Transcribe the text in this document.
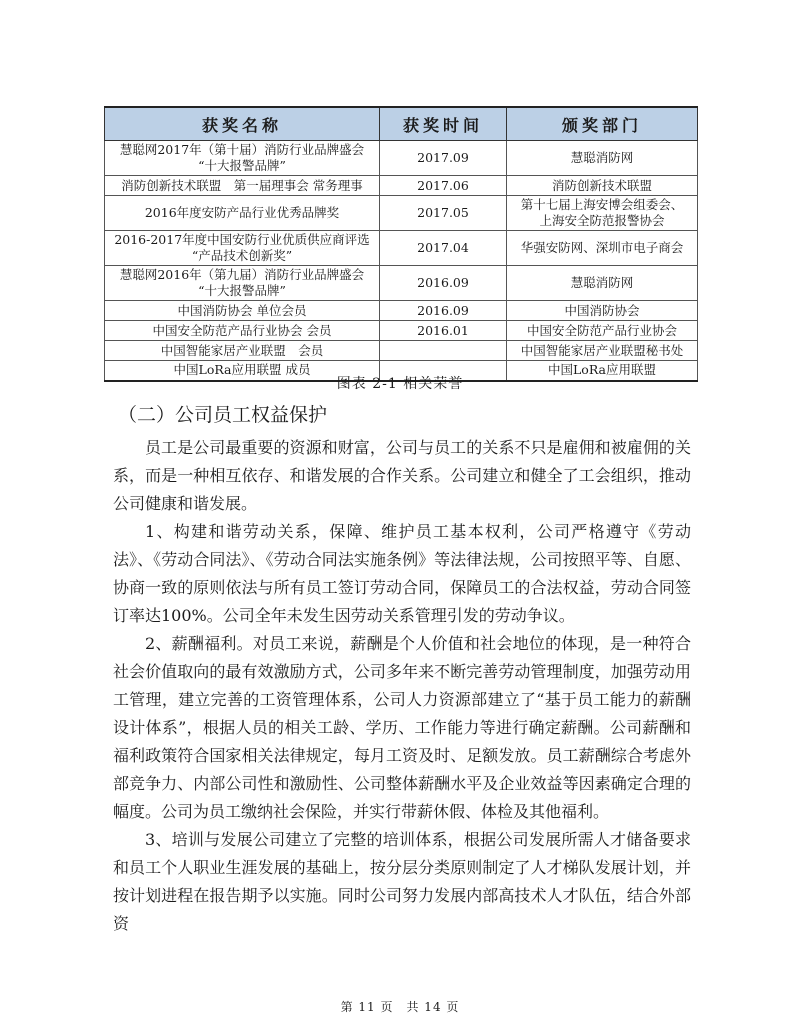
获奖名称	获奖时间	颁奖部门

慧聪网2017年（第十届）消防行业品牌盛会
“十大报警品牌”	2017.09	慧聪消防网

消防创新技术联盟　第一届理事会 常务理事	2017.06	消防创新技术联盟

2016年度安防产品行业优秀品牌奖	2017.05	第十七届上海安博会组委会、
上海安全防范报警协会

2016-2017年度中国安防行业优质供应商评选
“产品技术创新奖”	2017.04	华强安防网、深圳市电子商会

慧聪网2016年（第九届）消防行业品牌盛会
“十大报警品牌”	2016.09	慧聪消防网

中国消防协会 单位会员	2016.09	中国消防协会

中国安全防范产品行业协会 会员	2016.01	中国安全防范产品行业协会

中国智能家居产业联盟　会员		中国智能家居产业联盟秘书处

中国LoRa应用联盟 成员		中国LoRa应用联盟
图表 2-1 相关荣誉
（二）公司员工权益保护

员工是公司最重要的资源和财富，公司与员工的关系不只是雇佣和被雇佣的关系，而是一种相互依存、和谐发展的合作关系。公司建立和健全了工会组织，推动公司健康和谐发展。

1、构建和谐劳动关系，保障、维护员工基本权利，公司严格遵守《劳动法》、《劳动合同法》、《劳动合同法实施条例》等法律法规，公司按照平等、自愿、协商一致的原则依法与所有员工签订劳动合同，保障员工的合法权益，劳动合同签订率达100%。公司全年未发生因劳动关系管理引发的劳动争议。

2、薪酬福利。对员工来说，薪酬是个人价值和社会地位的体现，是一种符合社会价值取向的最有效激励方式，公司多年来不断完善劳动管理制度，加强劳动用工管理，建立完善的工资管理体系，公司人力资源部建立了“基于员工能力的薪酬设计体系”，根据人员的相关工龄、学历、工作能力等进行确定薪酬。公司薪酬和福利政策符合国家相关法律规定，每月工资及时、足额发放。员工薪酬综合考虑外部竞争力、内部公司性和激励性、公司整体薪酬水平及企业效益等因素确定合理的幅度。公司为员工缴纳社会保险，并实行带薪休假、体检及其他福利。

3、培训与发展公司建立了完整的培训体系，根据公司发展所需人才储备要求和员工个人职业生涯发展的基础上，按分层分类原则制定了人才梯队发展计划，并按计划进程在报告期予以实施。同时公司努力发展内部高技术人才队伍，结合外部资

第 11 页　共 14 页
